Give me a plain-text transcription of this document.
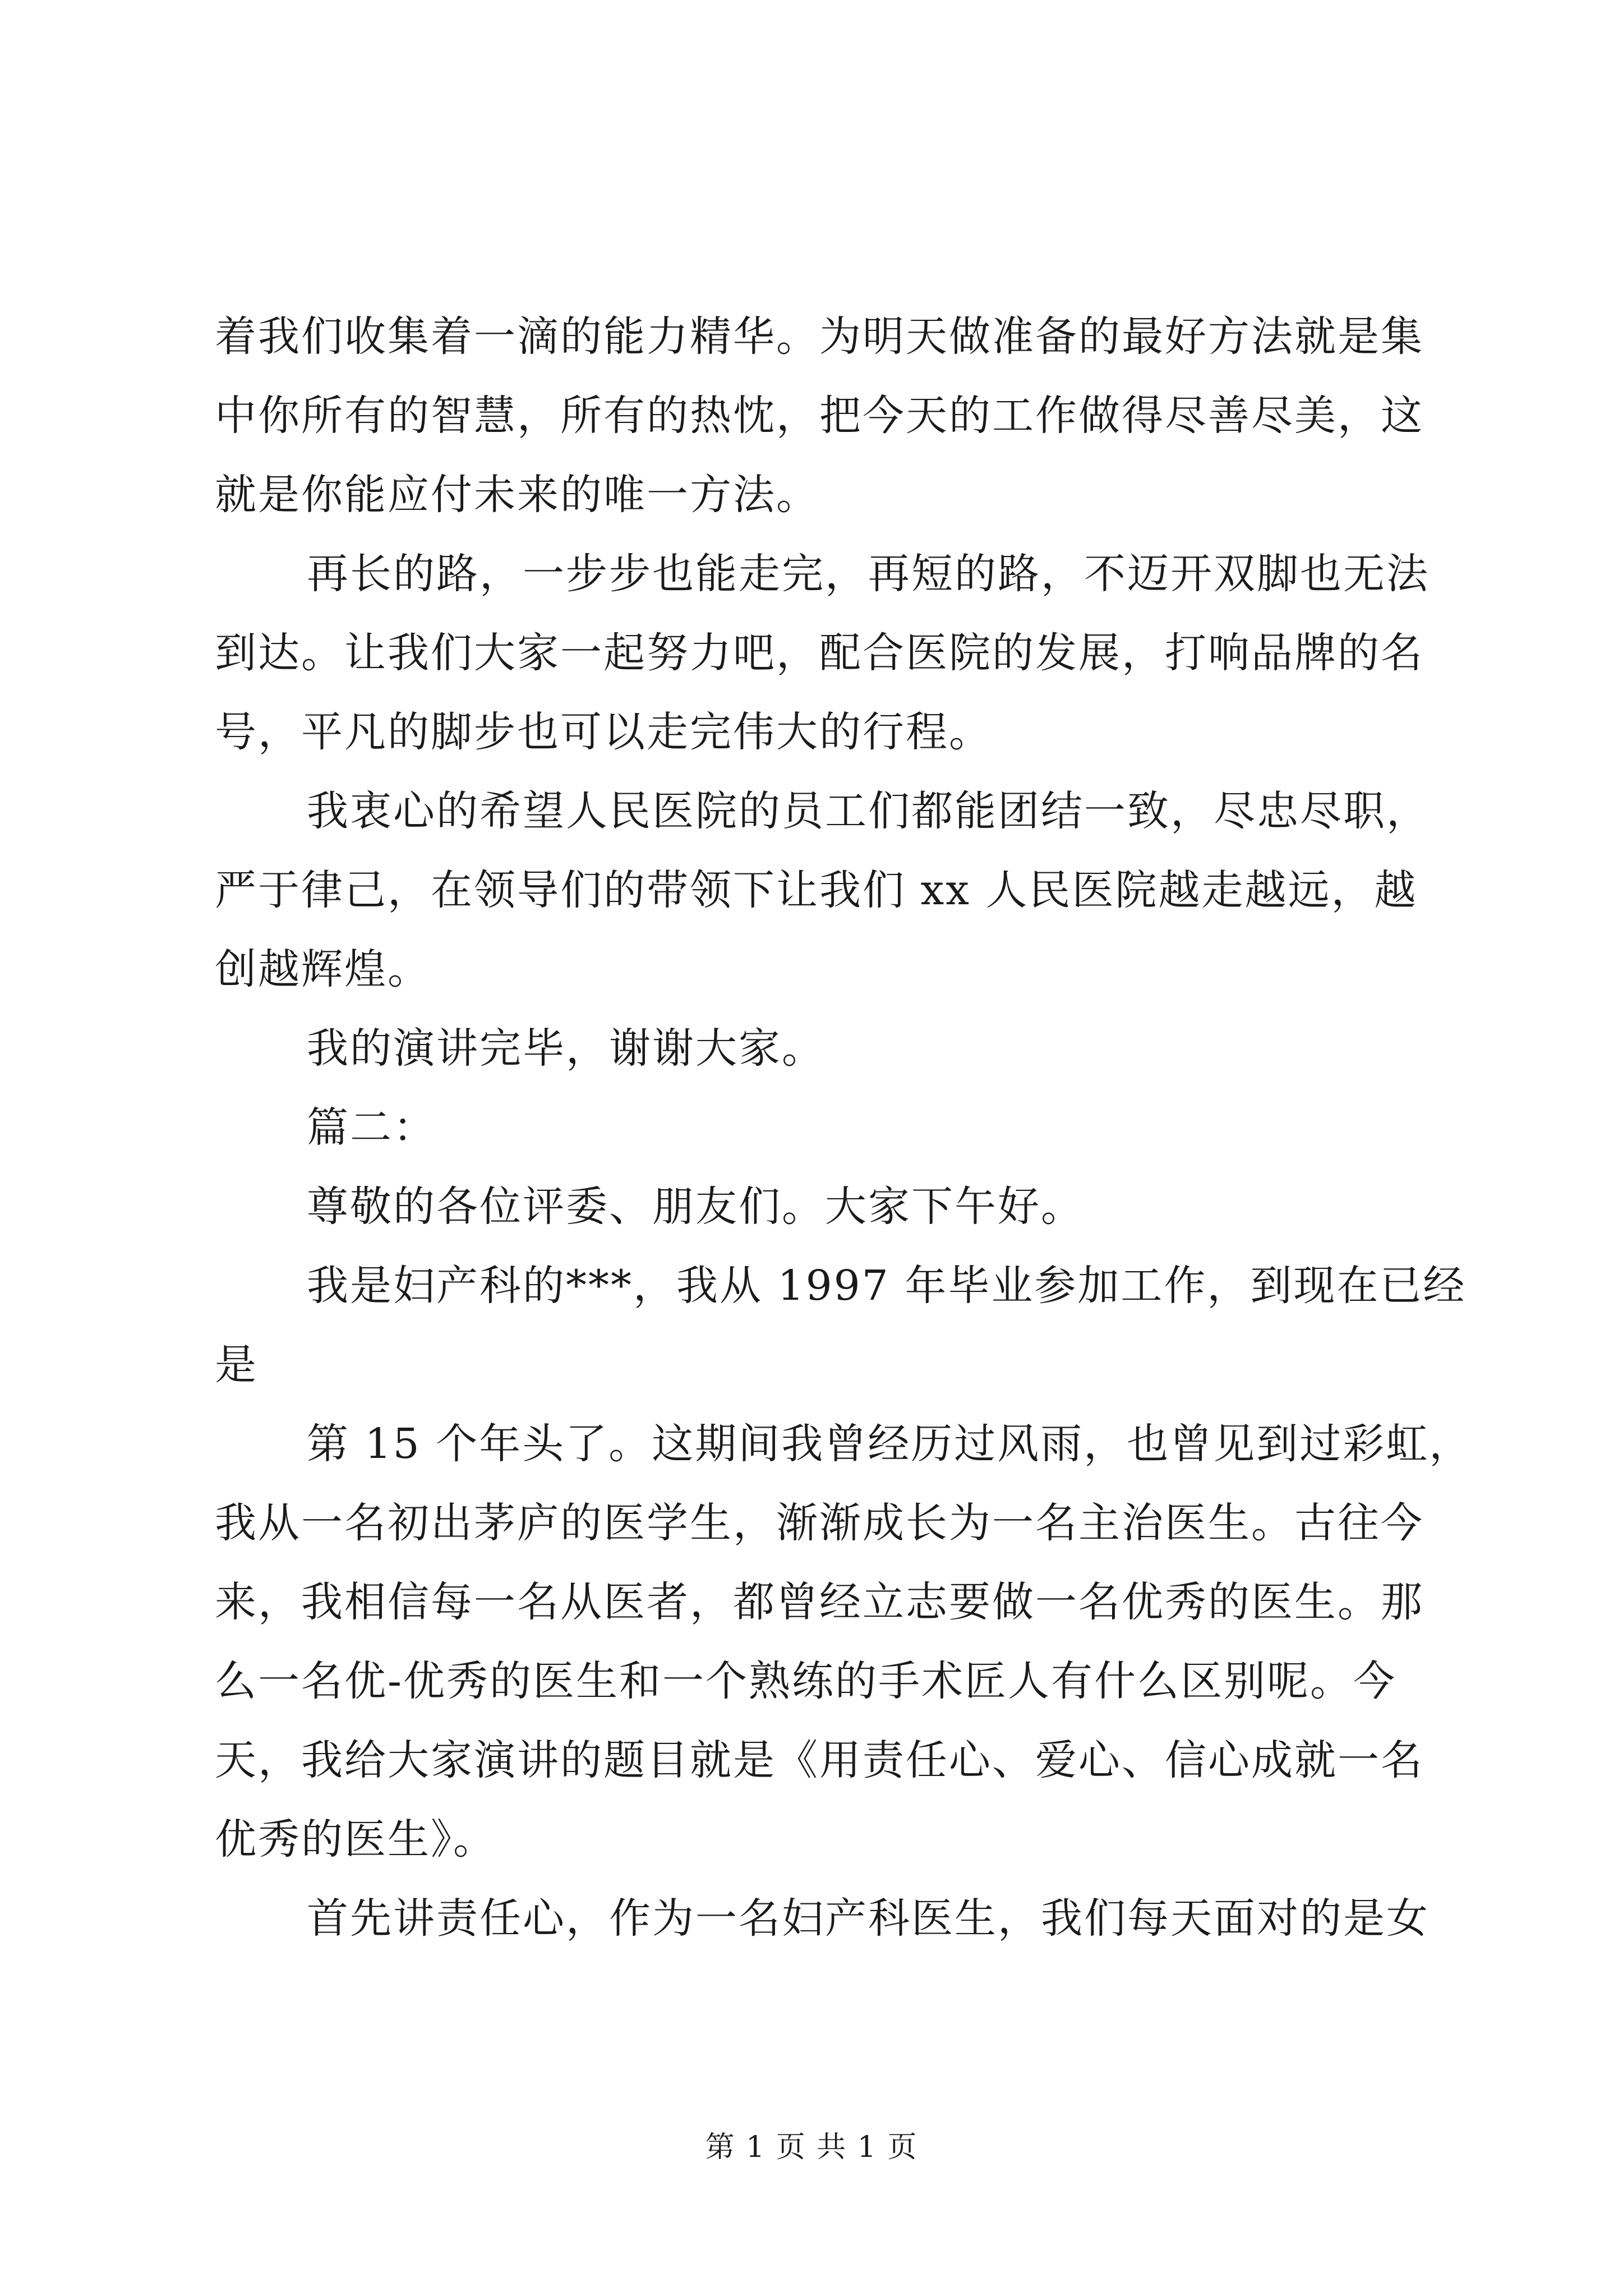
着我们收集着一滴的能力精华。为明天做准备的最好方法就是集
中你所有的智慧，所有的热忱，把今天的工作做得尽善尽美，这
就是你能应付未来的唯一方法。

再长的路，一步步也能走完，再短的路，不迈开双脚也无法
到达。让我们大家一起努力吧，配合医院的发展，打响品牌的名
号，平凡的脚步也可以走完伟大的行程。

我衷心的希望人民医院的员工们都能团结一致，尽忠尽职，
严于律己，在领导们的带领下让我们 xx 人民医院越走越远，越
创越辉煌。

我的演讲完毕，谢谢大家。

篇二：

尊敬的各位评委、朋友们。大家下午好。

我是妇产科的***，我从 1997 年毕业参加工作，到现在已经
是

第 15 个年头了。这期间我曾经历过风雨，也曾见到过彩虹，
我从一名初出茅庐的医学生，渐渐成长为一名主治医生。古往今
来，我相信每一名从医者，都曾经立志要做一名优秀的医生。那
么一名优-优秀的医生和一个熟练的手术匠人有什么区别呢。今
天，我给大家演讲的题目就是《用责任心、爱心、信心成就一名
优秀的医生》。

首先讲责任心，作为一名妇产科医生，我们每天面对的是女

第 1 页 共 1 页
